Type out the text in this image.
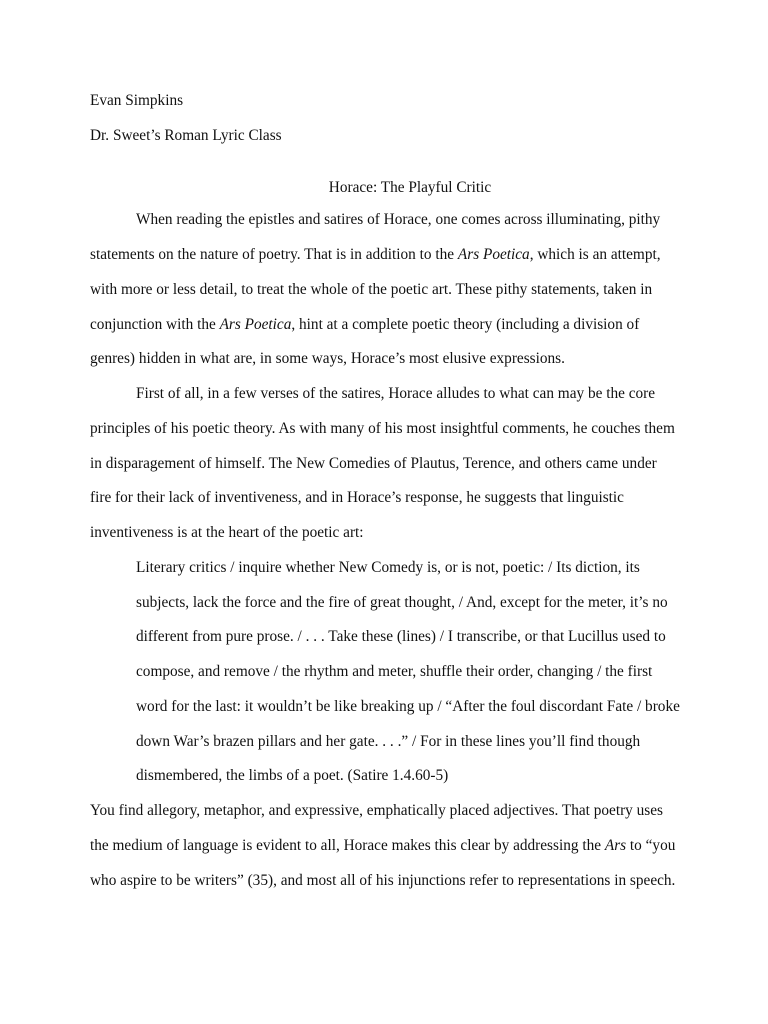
Evan Simpkins
Dr. Sweet’s Roman Lyric Class
Horace: The Playful Critic
When reading the epistles and satires of Horace, one comes across illuminating, pithy
statements on the nature of poetry. That is in addition to the Ars Poetica, which is an attempt,
with more or less detail, to treat the whole of the poetic art. These pithy statements, taken in
conjunction with the Ars Poetica, hint at a complete poetic theory (including a division of
genres) hidden in what are, in some ways, Horace’s most elusive expressions.
First of all, in a few verses of the satires, Horace alludes to what can may be the core
principles of his poetic theory. As with many of his most insightful comments, he couches them
in disparagement of himself. The New Comedies of Plautus, Terence, and others came under
fire for their lack of inventiveness, and in Horace’s response, he suggests that linguistic
inventiveness is at the heart of the poetic art:
Literary critics / inquire whether New Comedy is, or is not, poetic: / Its diction, its
subjects, lack the force and the fire of great thought, / And, except for the meter, it’s no
different from pure prose. / . . . Take these (lines) / I transcribe, or that Lucillus used to
compose, and remove / the rhythm and meter, shuffle their order, changing / the first
word for the last: it wouldn’t be like breaking up / “After the foul discordant Fate / broke
down War’s brazen pillars and her gate. . . .” / For in these lines you’ll find though
dismembered, the limbs of a poet. (Satire 1.4.60-5)
You find allegory, metaphor, and expressive, emphatically placed adjectives. That poetry uses
the medium of language is evident to all, Horace makes this clear by addressing the Ars to “you
who aspire to be writers” (35), and most all of his injunctions refer to representations in speech.
